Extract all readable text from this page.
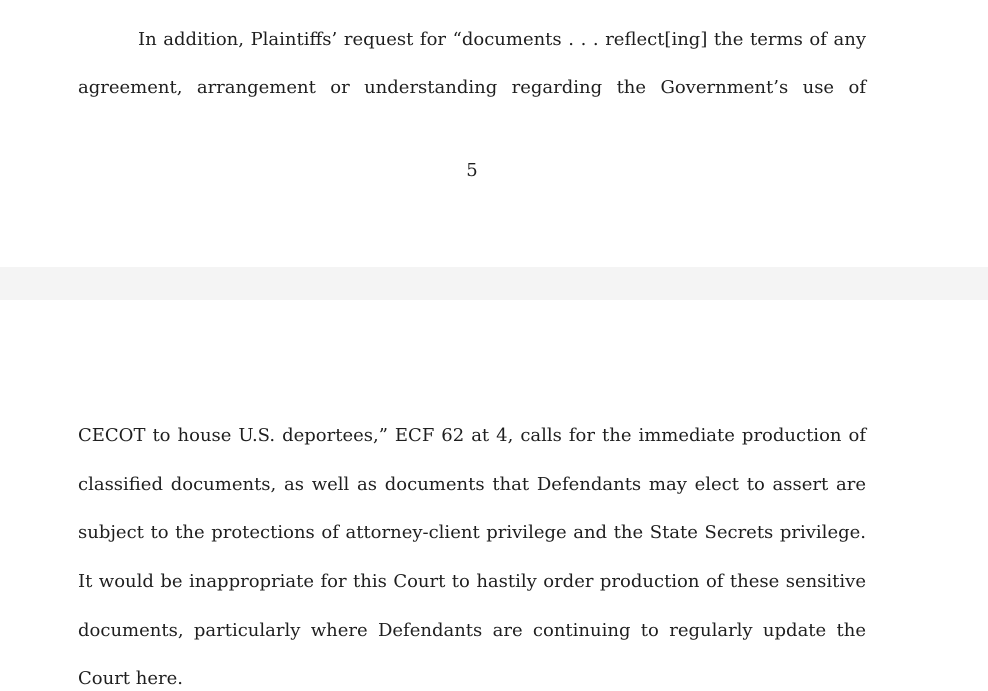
In addition, Plaintiffs’ request for “documents . . . reflect[ing] the terms of any
agreement, arrangement or understanding regarding the Government’s use of
5
CECOT to house U.S. deportees,” ECF 62 at 4, calls for the immediate production of
classified documents, as well as documents that Defendants may elect to assert are
subject to the protections of attorney-client privilege and the State Secrets privilege.
It would be inappropriate for this Court to hastily order production of these sensitive
documents, particularly where Defendants are continuing to regularly update the
Court here.
